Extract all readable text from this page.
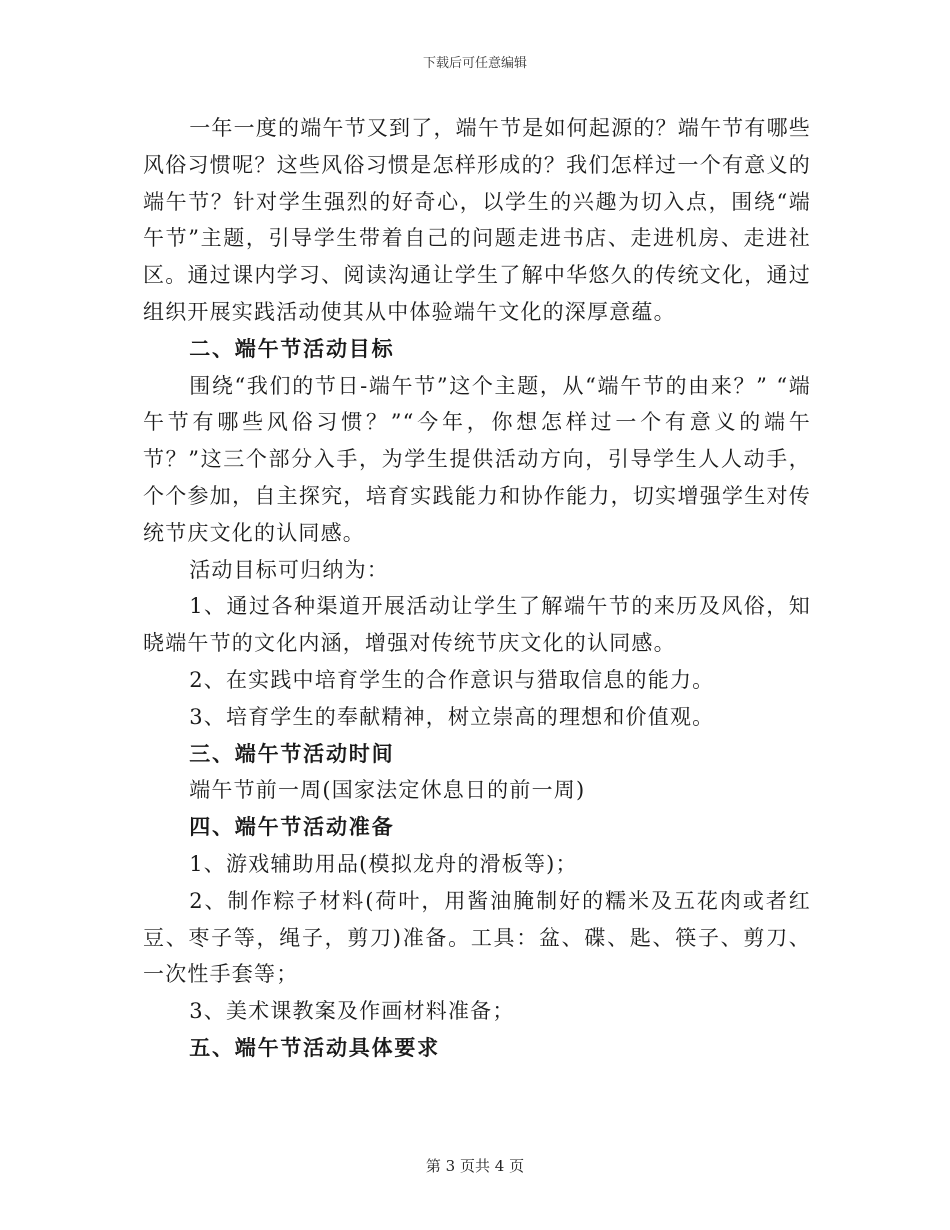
下载后可任意编辑

一年一度的端午节又到了，端午节是如何起源的？端午节有哪些风俗习惯呢？这些风俗习惯是怎样形成的？我们怎样过一个有意义的端午节？针对学生强烈的好奇心，以学生的兴趣为切入点，围绕“端午节”主题，引导学生带着自己的问题走进书店、走进机房、走进社区。通过课内学习、阅读沟通让学生了解中华悠久的传统文化，通过组织开展实践活动使其从中体验端午文化的深厚意蕴。

二、端午节活动目标

围绕“我们的节日-端午节”这个主题，从“端午节的由来？” “端午节有哪些风俗习惯？”“今年，你想怎样过一个有意义的端午节？”这三个部分入手，为学生提供活动方向，引导学生人人动手，个个参加，自主探究，培育实践能力和协作能力，切实增强学生对传统节庆文化的认同感。

活动目标可归纳为：

1、通过各种渠道开展活动让学生了解端午节的来历及风俗，知晓端午节的文化内涵，增强对传统节庆文化的认同感。

2、在实践中培育学生的合作意识与猎取信息的能力。

3、培育学生的奉献精神，树立崇高的理想和价值观。

三、端午节活动时间

端午节前一周(国家法定休息日的前一周)

四、端午节活动准备

1、游戏辅助用品(模拟龙舟的滑板等)；

2、制作粽子材料(荷叶，用酱油腌制好的糯米及五花肉或者红豆、枣子等，绳子，剪刀)准备。工具：盆、碟、匙、筷子、剪刀、一次性手套等；

3、美术课教案及作画材料准备；

五、端午节活动具体要求

第 3 页共 4 页
